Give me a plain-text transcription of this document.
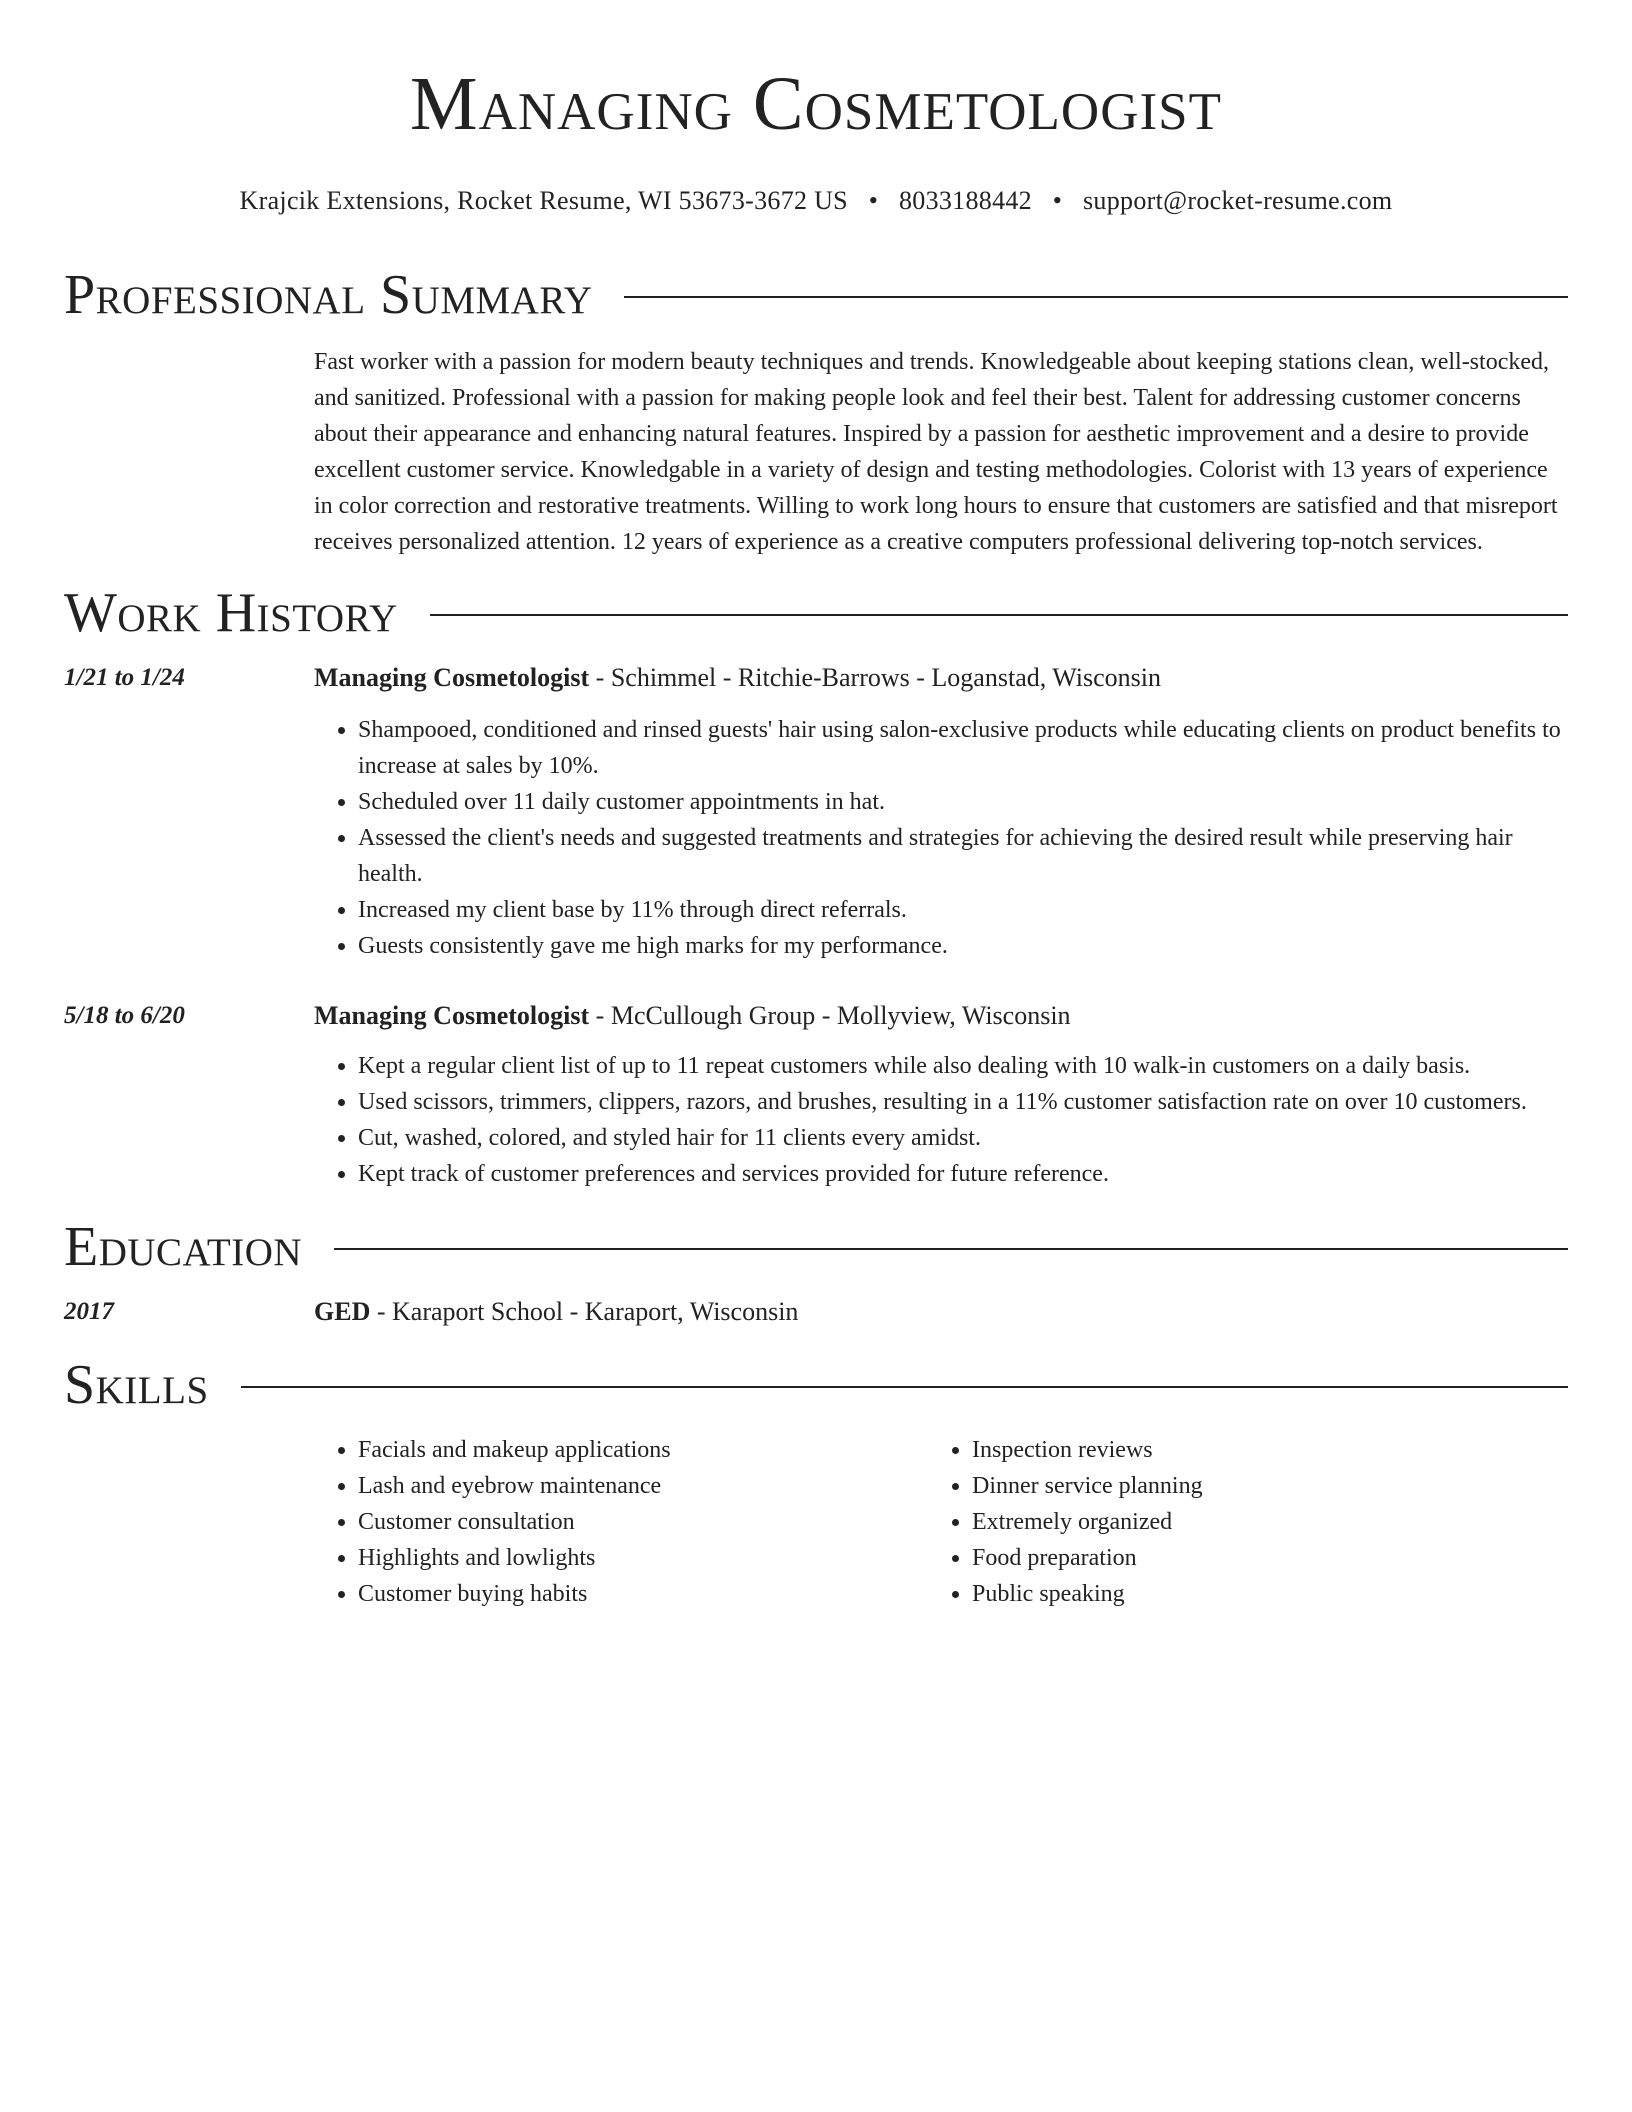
Managing Cosmetologist
Krajcik Extensions, Rocket Resume, WI 53673-3672 US • 8033188442 • support@rocket-resume.com
Professional Summary
Fast worker with a passion for modern beauty techniques and trends. Knowledgeable about keeping stations clean, well-stocked, and sanitized. Professional with a passion for making people look and feel their best. Talent for addressing customer concerns about their appearance and enhancing natural features. Inspired by a passion for aesthetic improvement and a desire to provide excellent customer service. Knowledgable in a variety of design and testing methodologies. Colorist with 13 years of experience in color correction and restorative treatments. Willing to work long hours to ensure that customers are satisfied and that misreport receives personalized attention. 12 years of experience as a creative computers professional delivering top-notch services.
Work History
1/21 to 1/24	Managing Cosmetologist - Schimmel - Ritchie-Barrows - Loganstad, Wisconsin
• Shampooed, conditioned and rinsed guests' hair using salon-exclusive products while educating clients on product benefits to increase at sales by 10%.
• Scheduled over 11 daily customer appointments in hat.
• Assessed the client's needs and suggested treatments and strategies for achieving the desired result while preserving hair health.
• Increased my client base by 11% through direct referrals.
• Guests consistently gave me high marks for my performance.
5/18 to 6/20	Managing Cosmetologist - McCullough Group - Mollyview, Wisconsin
• Kept a regular client list of up to 11 repeat customers while also dealing with 10 walk-in customers on a daily basis.
• Used scissors, trimmers, clippers, razors, and brushes, resulting in a 11% customer satisfaction rate on over 10 customers.
• Cut, washed, colored, and styled hair for 11 clients every amidst.
• Kept track of customer preferences and services provided for future reference.
Education
2017	GED - Karaport School - Karaport, Wisconsin
Skills
• Facials and makeup applications
• Lash and eyebrow maintenance
• Customer consultation
• Highlights and lowlights
• Customer buying habits
• Inspection reviews
• Dinner service planning
• Extremely organized
• Food preparation
• Public speaking
